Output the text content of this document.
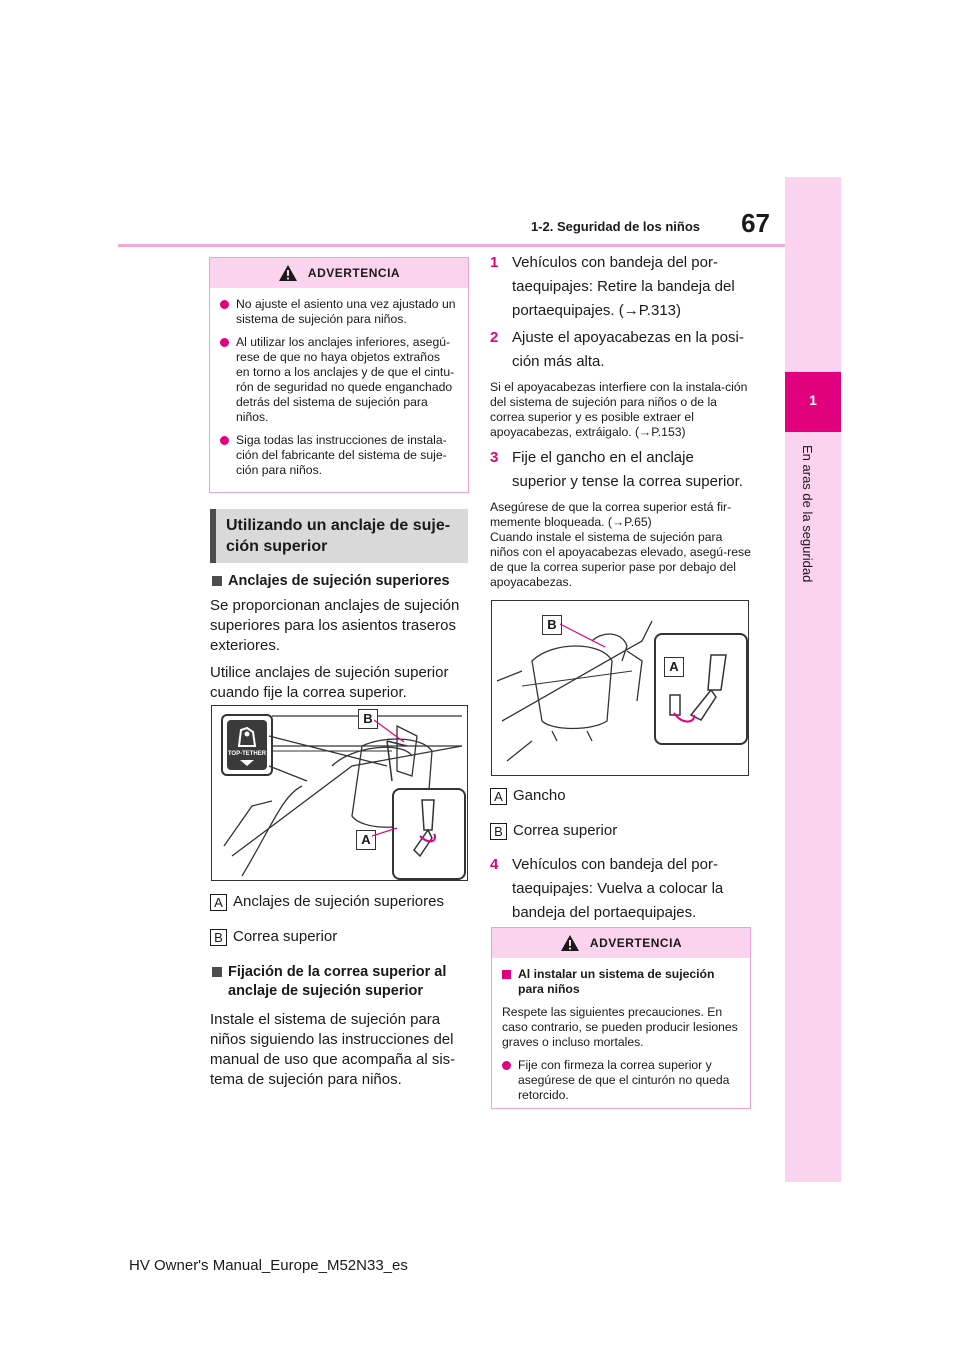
1-2. Seguridad de los niños	67
1
En aras de la seguridad
ADVERTENCIA
No ajuste el asiento una vez ajustado un sistema de sujeción para niños.
Al utilizar los anclajes inferiores, asegú-rese de que no haya objetos extraños en torno a los anclajes y de que el cintu-rón de seguridad no quede enganchado detrás del sistema de sujeción para niños.
Siga todas las instrucciones de instala-ción del fabricante del sistema de suje-ción para niños.
Utilizando un anclaje de suje-ción superior
Anclajes de sujeción superiores
Se proporcionan anclajes de sujeción superiores para los asientos traseros exteriores.
Utilice anclajes de sujeción superior cuando fije la correa superior.
TOP-TETHER
B
A
A Anclajes de sujeción superiores
B Correa superior
Fijación de la correa superior al anclaje de sujeción superior
Instale el sistema de sujeción para niños siguiendo las instrucciones del manual de uso que acompaña al sis-tema de sujeción para niños.
1 Vehículos con bandeja del por-taequipajes: Retire la bandeja del portaequipajes. (→P.313)
2 Ajuste el apoyacabezas en la posi-ción más alta.
Si el apoyacabezas interfiere con la instala-ción del sistema de sujeción para niños o de la correa superior y es posible extraer el apoyacabezas, extráigalo. (→P.153)
3 Fije el gancho en el anclaje superior y tense la correa superior.
Asegúrese de que la correa superior está fir-memente bloqueada. (→P.65)
Cuando instale el sistema de sujeción para niños con el apoyacabezas elevado, asegú-rese de que la correa superior pase por debajo del apoyacabezas.
B
A
A Gancho
B Correa superior
4 Vehículos con bandeja del por-taequipajes: Vuelva a colocar la bandeja del portaequipajes.
ADVERTENCIA
Al instalar un sistema de sujeción para niños
Respete las siguientes precauciones. En caso contrario, se pueden producir lesiones graves o incluso mortales.
Fije con firmeza la correa superior y asegúrese de que el cinturón no queda retorcido.
HV Owner's Manual_Europe_M52N33_es
